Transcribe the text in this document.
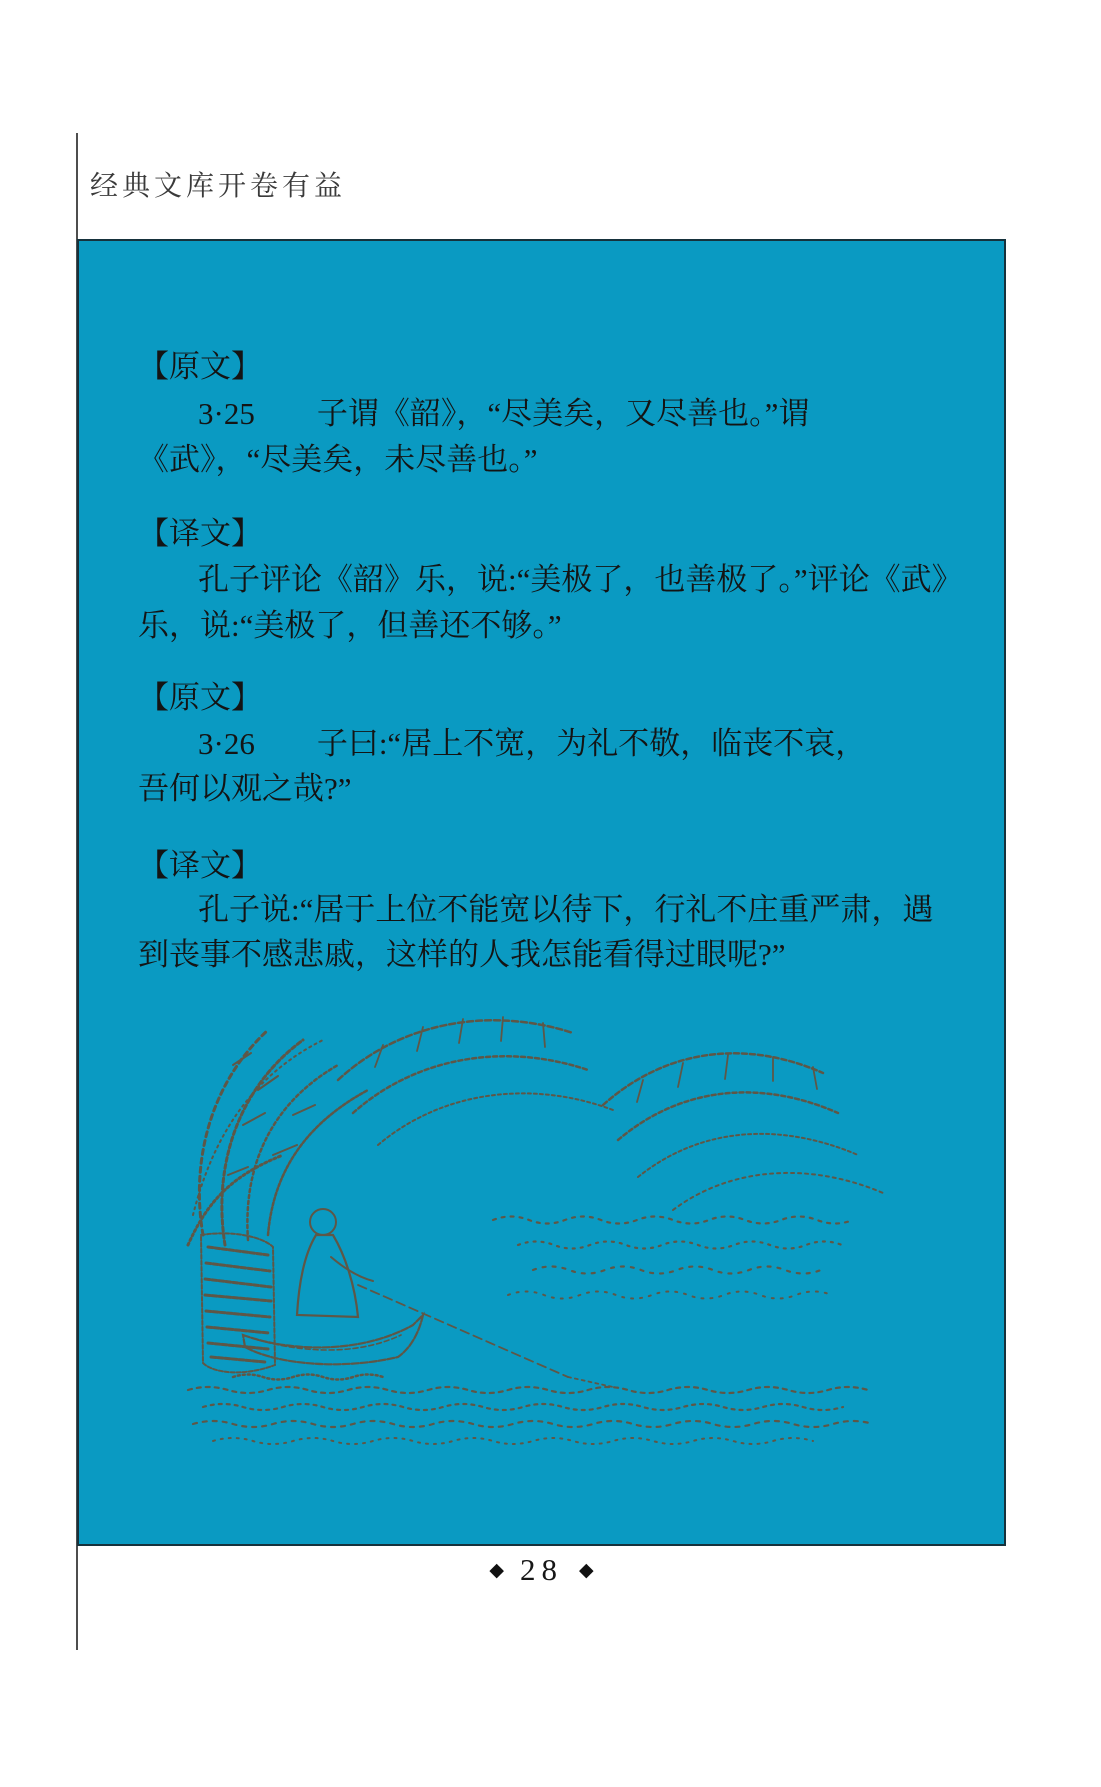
经典文库开卷有益
【原文】
3·25　　子谓《韶》，“尽美矣，又尽善也。”谓
《武》，“尽美矣，未尽善也。”
【译文】
孔子评论《韶》乐，说:“美极了，也善极了。”评论《武》
乐，说:“美极了，但善还不够。”
【原文】
3·26　　子曰:“居上不宽，为礼不敬，临丧不哀，
吾何以观之哉?”
【译文】
孔子说:“居于上位不能宽以待下，行礼不庄重严肃，遇
到丧事不感悲戚，这样的人我怎能看得过眼呢?”
◆ 28 ◆
